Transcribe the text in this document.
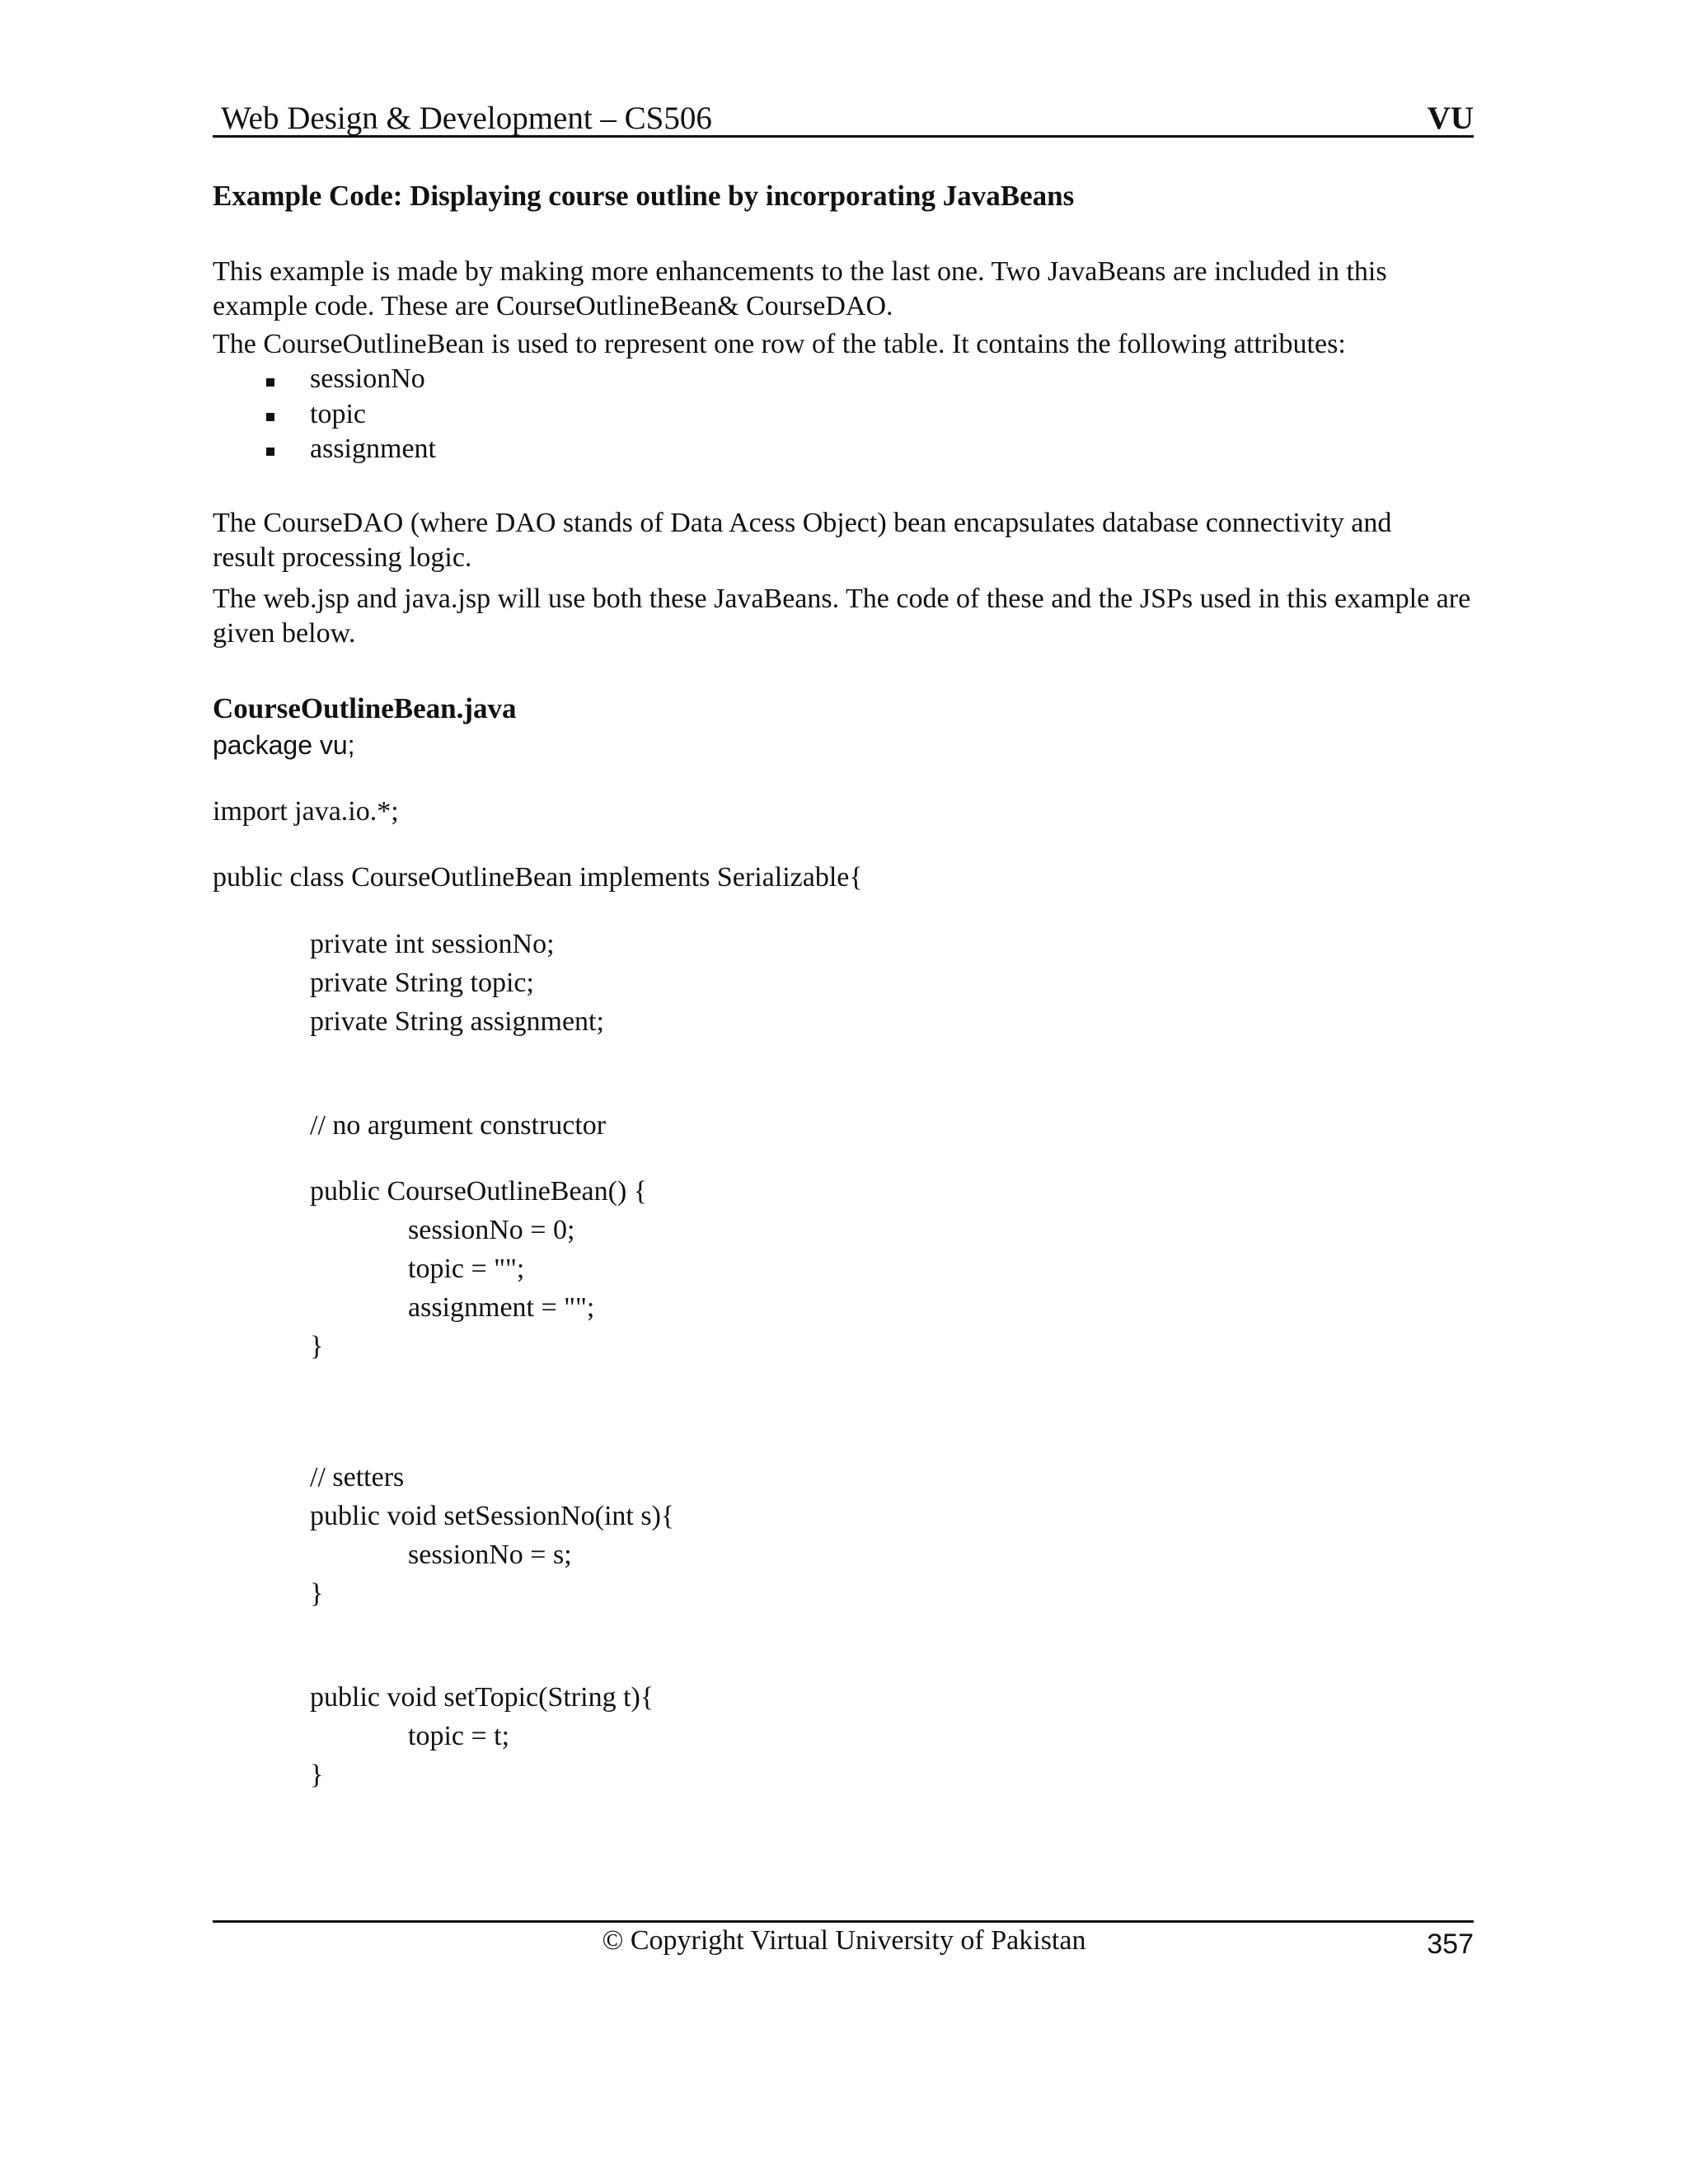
Web Design & Development – CS506	VU
Example Code: Displaying course outline by incorporating JavaBeans
This example is made by making more enhancements to the last one. Two JavaBeans are included in this
example code. These are CourseOutlineBean& CourseDAO.
The CourseOutlineBean is used to represent one row of the table. It contains the following attributes:
sessionNo
topic
assignment
The CourseDAO (where DAO stands of Data Acess Object) bean encapsulates database connectivity and
result processing logic.
The web.jsp and java.jsp will use both these JavaBeans. The code of these and the JSPs used in this example are
given below.
CourseOutlineBean.java
package vu;
import java.io.*;
public class CourseOutlineBean implements Serializable{
private int sessionNo;
private String topic;
private String assignment;
// no argument constructor
public CourseOutlineBean() {
sessionNo = 0;
topic = "";
assignment = "";
}
// setters
public void setSessionNo(int s){
sessionNo = s;
}
public void setTopic(String t){
topic = t;
}
© Copyright Virtual University of Pakistan	357
